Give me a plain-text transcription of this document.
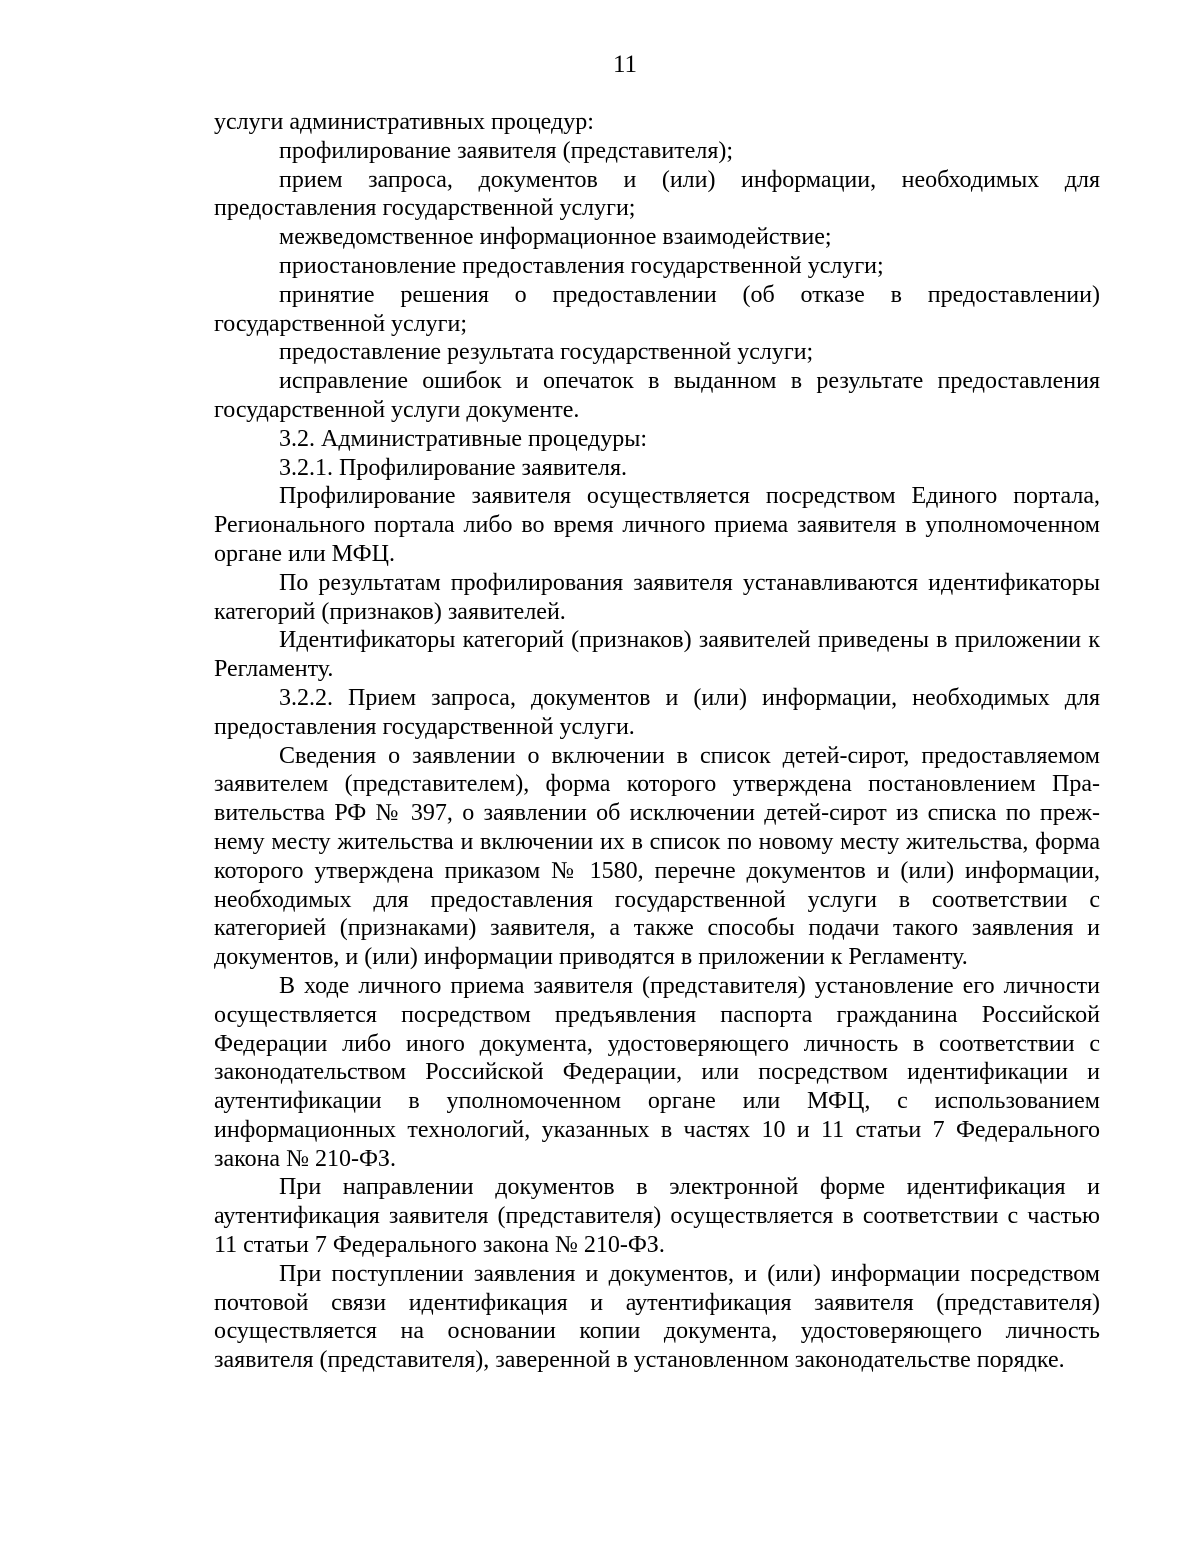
11

услуги административных процедур:

профилирование заявителя (представителя);

прием запроса, документов и (или) информации, необходимых для предоставления государственной услуги;

межведомственное информационное взаимодействие;

приостановление предоставления государственной услуги;

принятие решения о предоставлении (об отказе в предоставлении) государственной услуги;

предоставление результата государственной услуги;

исправление ошибок и опечаток в выданном в результате предоставления государственной услуги документе.

3.2. Административные процедуры:

3.2.1. Профилирование заявителя.

Профилирование заявителя осуществляется посредством Единого портала, Регионального портала либо во время личного приема заявителя в уполномоченном органе или МФЦ.

По результатам профилирования заявителя устанавливаются идентификаторы категорий (признаков) заявителей.

Идентификаторы категорий (признаков) заявителей приведены в приложении к Регламенту.

3.2.2. Прием запроса, документов и (или) информации, необходимых для предоставления государственной услуги.

Сведения о заявлении о включении в список детей-сирот, предоставляемом заявителем (представителем), форма которого утверждена постановлением Правительства РФ № 397, о заявлении об исключении детей-сирот из списка по прежнему месту жительства и включении их в список по новому месту жительства, форма которого утверждена приказом № 1580, перечне документов и (или) информации, необходимых для предоставления государственной услуги в соответствии с категорией (признаками) заявителя, а также способы подачи такого заявления и документов, и (или) информации приводятся в приложении к Регламенту.

В ходе личного приема заявителя (представителя) установление его личности осуществляется посредством предъявления паспорта гражданина Российской Федерации либо иного документа, удостоверяющего личность в соответствии с законодательством Российской Федерации, или посредством идентификации и аутентификации в уполномоченном органе или МФЦ, с использованием информационных технологий, указанных в частях 10 и 11 статьи 7 Федерального закона № 210-ФЗ.

При направлении документов в электронной форме идентификация и аутентификация заявителя (представителя) осуществляется в соответствии с частью 11 статьи 7 Федерального закона № 210-ФЗ.

При поступлении заявления и документов, и (или) информации посредством почтовой связи идентификация и аутентификация заявителя (представителя) осуществляется на основании копии документа, удостоверяющего личность заявителя (представителя), заверенной в установленном законодательстве порядке.
